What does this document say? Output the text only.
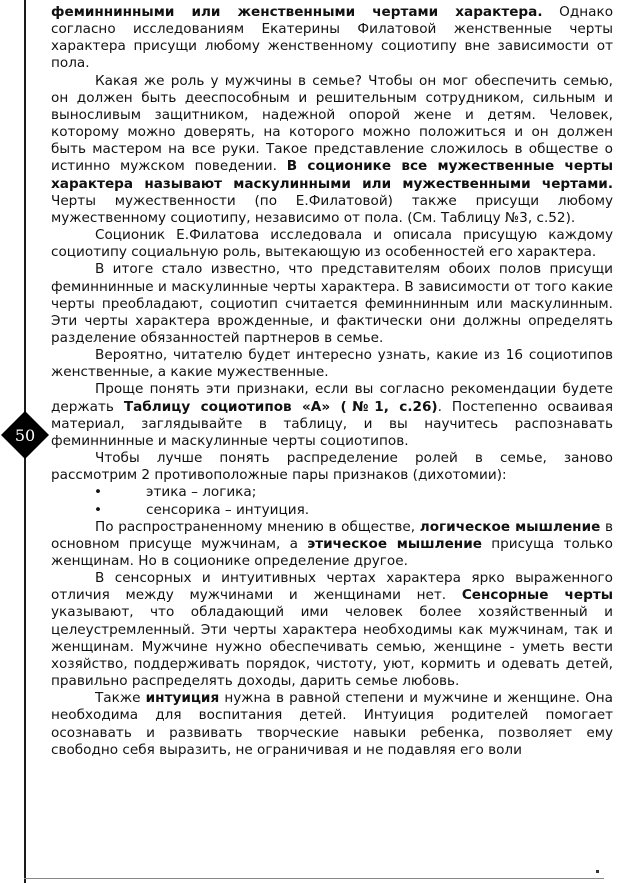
50

феминнинными или женственными чертами характера. Однако согласно исследованиям Екатерины Филатовой женственные черты характера присущи любому женственному социотипу вне зависимости от пола.

Какая же роль у мужчины в семье? Чтобы он мог обеспечить семью, он должен быть дееспособным и решительным сотрудником, сильным и выносливым защитником, надежной опорой жене и детям. Человек, которому можно доверять, на которого можно положиться и он должен быть мастером на все руки. Такое представление сложилось в обществе о истинно мужском поведении. В соционике все мужественные черты характера называют маскулинными или мужественными чертами. Черты мужественности (по Е.Филатовой) также присущи любому мужественному социотипу, независимо от пола. (См. Таблицу №3, с.52).

Соционик Е.Филатова исследовала и описала присущую каждому социотипу социальную роль, вытекающую из особенностей его характера.

В итоге стало известно, что представителям обоих полов присущи феминнинные и маскулинные черты характера. В зависимости от того какие черты преобладают, социотип считается феминнинным или маскулинным. Эти черты характера врожденные, и фактически они должны определять разделение обязанностей партнеров в семье.

Вероятно, читателю будет интересно узнать, какие из 16 социотипов женственные, а какие мужественные.

Проще понять эти признаки, если вы согласно рекомендации будете держать Таблицу социотипов «А» (№1, с.26). Постепенно осваивая материал, заглядывайте в таблицу, и вы научитесь распознавать феминнинные и маскулинные черты социотипов.

Чтобы лучше понять распределение ролей в семье, заново рассмотрим 2 противоположные пары признаков (дихотомии):

•	этика – логика;
•	сенсорика – интуиция.

По распространенному мнению в обществе, логическое мышление в основном присуще мужчинам, а этическое мышление присуща только женщинам. Но в соционике определение другое.

В сенсорных и интуитивных чертах характера ярко выраженного отличия между мужчинами и женщинами нет. Сенсорные черты указывают, что обладающий ими человек более хозяйственный и целеустремленный. Эти черты характера необходимы как мужчинам, так и женщинам. Мужчине нужно обеспечивать семью, женщине - уметь вести хозяйство, поддерживать порядок, чистоту, уют, кормить и одевать детей, правильно распределять доходы, дарить семье любовь.

Также интуиция нужна в равной степени и мужчине и женщине. Она необходима для воспитания детей. Интуиция родителей помогает осознавать и развивать творческие навыки ребенка, позволяет ему свободно себя выразить, не ограничивая и не подавляя его воли
